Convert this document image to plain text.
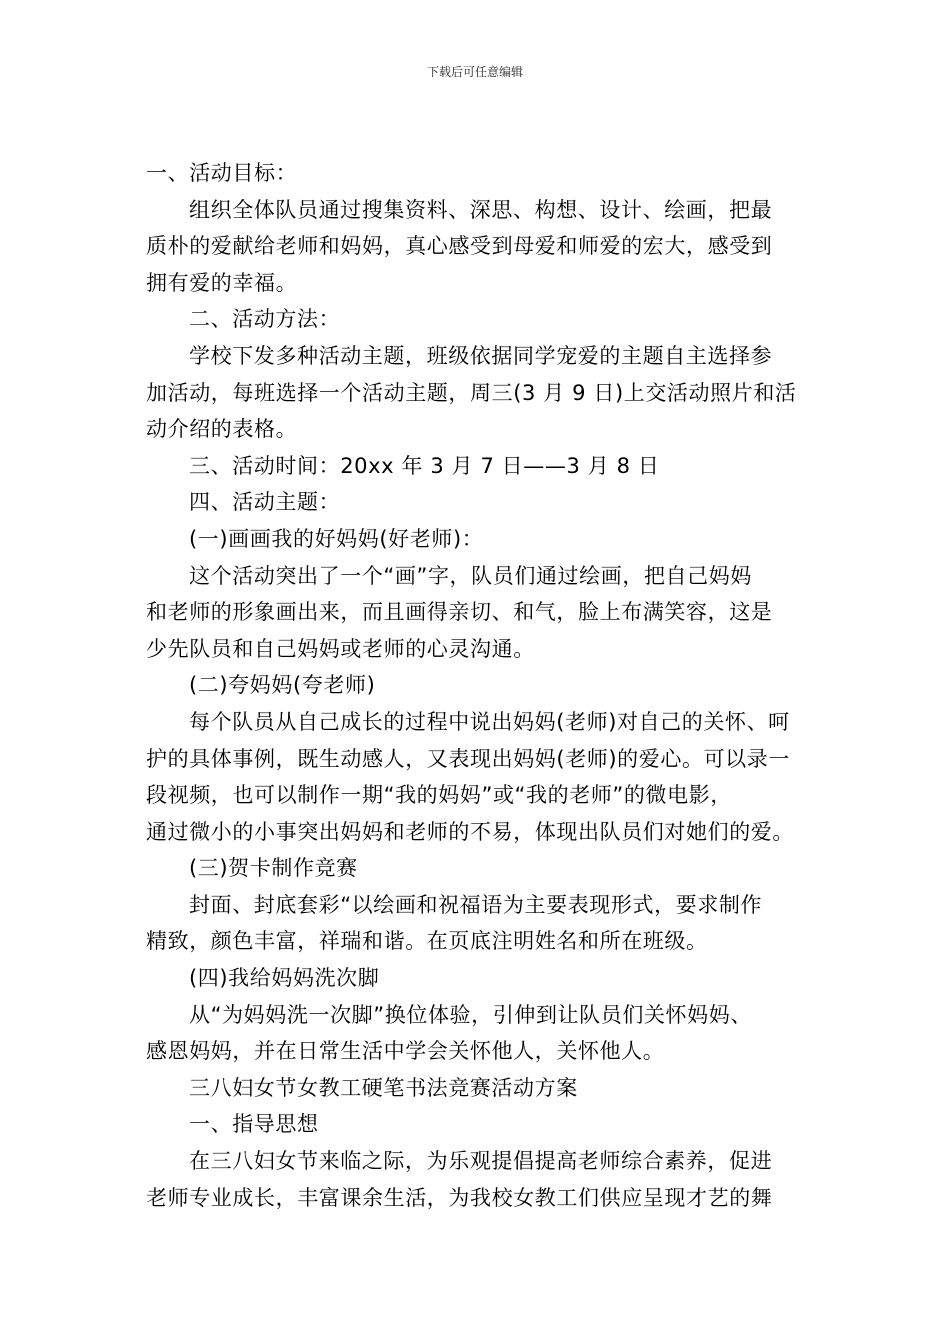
下载后可任意编辑
一、活动目标：
组织全体队员通过搜集资料、深思、构想、设计、绘画，把最
质朴的爱献给老师和妈妈，真心感受到母爱和师爱的宏大，感受到
拥有爱的幸福。
二、活动方法：
学校下发多种活动主题，班级依据同学宠爱的主题自主选择参
加活动，每班选择一个活动主题，周三(3 月 9 日)上交活动照片和活
动介绍的表格。
三、活动时间：20xx 年 3 月 7 日——3 月 8 日
四、活动主题：
(一)画画我的好妈妈(好老师)：
这个活动突出了一个“画”字，队员们通过绘画，把自己妈妈
和老师的形象画出来，而且画得亲切、和气，脸上布满笑容，这是
少先队员和自己妈妈或老师的心灵沟通。
(二)夸妈妈(夸老师)
每个队员从自己成长的过程中说出妈妈(老师)对自己的关怀、呵
护的具体事例，既生动感人，又表现出妈妈(老师)的爱心。可以录一
段视频，也可以制作一期“我的妈妈”或“我的老师”的微电影，
通过微小的小事突出妈妈和老师的不易，体现出队员们对她们的爱。
(三)贺卡制作竞赛
封面、封底套彩“以绘画和祝福语为主要表现形式，要求制作
精致，颜色丰富，祥瑞和谐。在页底注明姓名和所在班级。
(四)我给妈妈洗次脚
从“为妈妈洗一次脚”换位体验，引伸到让队员们关怀妈妈、
感恩妈妈，并在日常生活中学会关怀他人，关怀他人。
三八妇女节女教工硬笔书法竞赛活动方案
一、指导思想
在三八妇女节来临之际，为乐观提倡提高老师综合素养，促进
老师专业成长，丰富课余生活，为我校女教工们供应呈现才艺的舞
